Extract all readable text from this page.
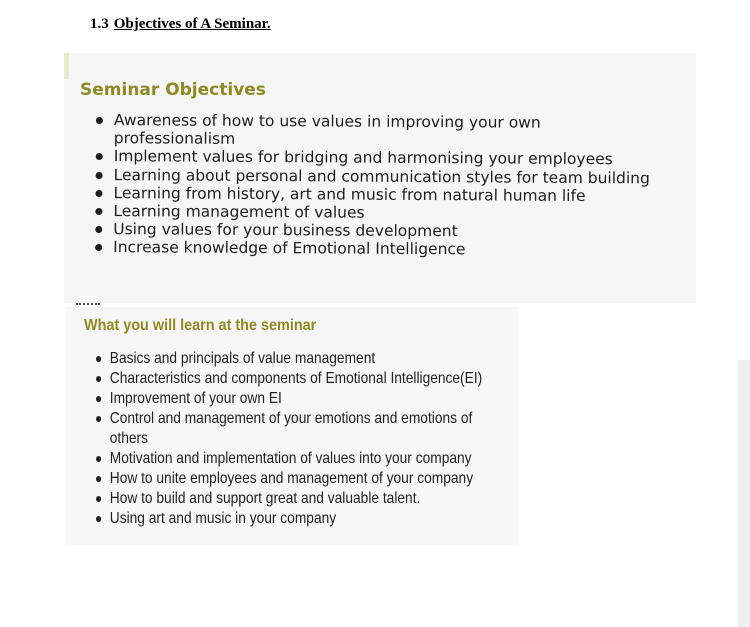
1.3 Objectives of A Seminar.
Seminar Objectives
Awareness of how to use values in improving your own professionalism
Implement values for bridging and harmonising your employees
Learning about personal and communication styles for team building
Learning from history, art and music from natural human life
Learning management of values
Using values for your business development
Increase knowledge of Emotional Intelligence
What you will learn at the seminar
Basics and principals of value management
Characteristics and components of Emotional Intelligence(EI)
Improvement of your own EI
Control and management of your emotions and emotions of others
Motivation and implementation of values into your company
How to unite employees and management of your company
How to build and support great and valuable talent.
Using art and music in your company
